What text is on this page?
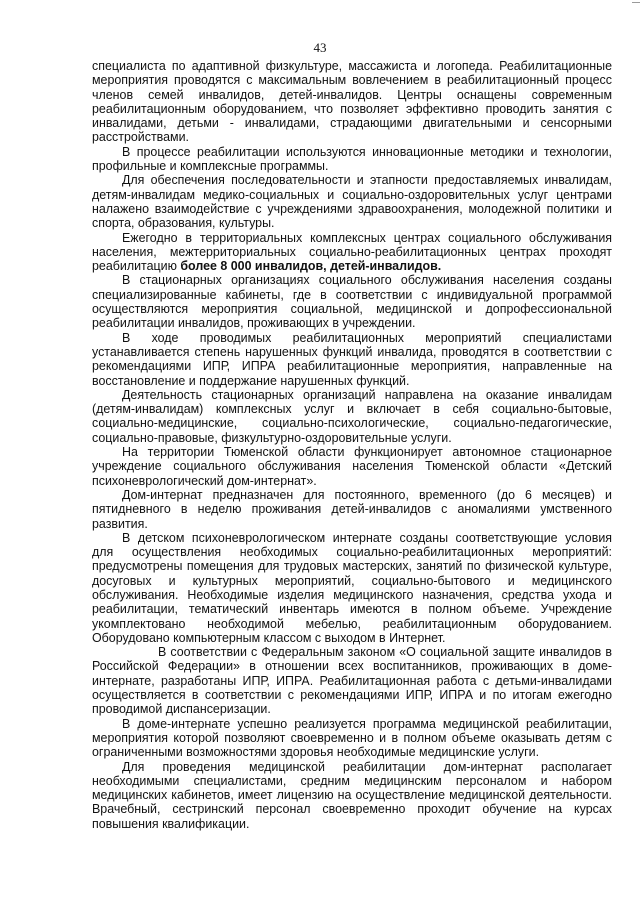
43

специалиста по адаптивной физкультуре, массажиста и логопеда. Реабилитационные мероприятия проводятся с максимальным вовлечением в реабилитационный процесс членов семей инвалидов, детей-инвалидов. Центры оснащены современным реабилитационным оборудованием, что позволяет эффективно проводить занятия с инвалидами, детьми - инвалидами, страдающими двигательными и сенсорными расстройствами.

В процессе реабилитации используются инновационные методики и технологии, профильные и комплексные программы.

Для обеспечения последовательности и этапности предоставляемых инвалидам, детям-инвалидам медико-социальных и социально-оздоровительных услуг центрами налажено взаимодействие с учреждениями здравоохранения, молодежной политики и спорта, образования, культуры.

Ежегодно в территориальных комплексных центрах социального обслуживания населения, межтерриториальных социально-реабилитационных центрах проходят реабилитацию более 8 000 инвалидов, детей-инвалидов.

В стационарных организациях социального обслуживания населения созданы специализированные кабинеты, где в соответствии с индивидуальной программой осуществляются мероприятия социальной, медицинской и допрофессиональной реабилитации инвалидов, проживающих в учреждении.

В ходе проводимых реабилитационных мероприятий специалистами устанавливается степень нарушенных функций инвалида, проводятся в соответствии с рекомендациями ИПР, ИПРА реабилитационные мероприятия, направленные на восстановление и поддержание нарушенных функций.

Деятельность стационарных организаций направлена на оказание инвалидам (детям-инвалидам) комплексных услуг и включает в себя социально-бытовые, социально-медицинские, социально-психологические, социально-педагогические, социально-правовые, физкультурно-оздоровительные услуги.

На территории Тюменской области функционирует автономное стационарное учреждение социального обслуживания населения Тюменской области «Детский психоневрологический дом-интернат».

Дом-интернат предназначен для постоянного, временного (до 6 месяцев) и пятидневного в неделю проживания детей-инвалидов с аномалиями умственного развития.

В детском психоневрологическом интернате созданы соответствующие условия для осуществления необходимых социально-реабилитационных мероприятий: предусмотрены помещения для трудовых мастерских, занятий по физической культуре, досуговых и культурных мероприятий, социально-бытового и медицинского обслуживания. Необходимые изделия медицинского назначения, средства ухода и реабилитации, тематический инвентарь имеются в полном объеме. Учреждение укомплектовано необходимой мебелью, реабилитационным оборудованием. Оборудовано компьютерным классом с выходом в Интернет.

В соответствии с Федеральным законом «О социальной защите инвалидов в Российской Федерации» в отношении всех воспитанников, проживающих в доме-интернате, разработаны ИПР, ИПРА. Реабилитационная работа с детьми-инвалидами осуществляется в соответствии с рекомендациями ИПР, ИПРА и по итогам ежегодно проводимой диспансеризации.

В доме-интернате успешно реализуется программа медицинской реабилитации, мероприятия которой позволяют своевременно и в полном объеме оказывать детям с ограниченными возможностями здоровья необходимые медицинские услуги.

Для проведения медицинской реабилитации дом-интернат располагает необходимыми специалистами, средним медицинским персоналом и набором медицинских кабинетов, имеет лицензию на осуществление медицинской деятельности. Врачебный, сестринский персонал своевременно проходит обучение на курсах повышения квалификации.
